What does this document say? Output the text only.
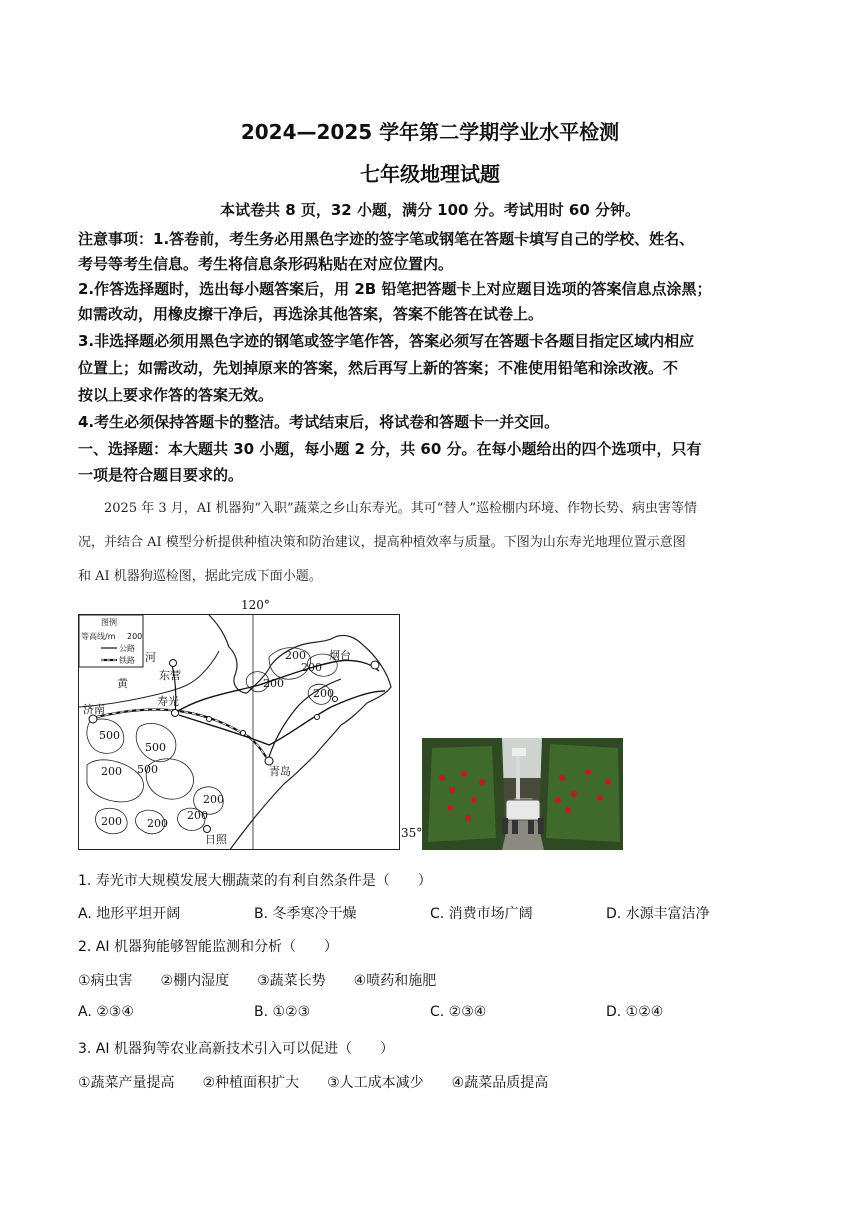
2024—2025 学年第二学期学业水平检测
七年级地理试题
本试卷共 8 页，32 小题，满分 100 分。考试用时 60 分钟。
注意事项：1.答卷前，考生务必用黑色字迹的签字笔或钢笔在答题卡填写自己的学校、姓名、
考号等考生信息。考生将信息条形码粘贴在对应位置内。
2.作答选择题时，选出每小题答案后，用 2B 铅笔把答题卡上对应题目选项的答案信息点涂黑；
如需改动，用橡皮擦干净后，再选涂其他答案，答案不能答在试卷上。
3.非选择题必须用黑色字迹的钢笔或签字笔作答，答案必须写在答题卡各题目指定区域内相应
位置上；如需改动，先划掉原来的答案，然后再写上新的答案；不准使用铅笔和涂改液。不
按以上要求作答的答案无效。
4.考生必须保持答题卡的整洁。考试结束后，将试卷和答题卡一并交回。
一、选择题：本大题共 30 小题，每小题 2 分，共 60 分。在每小题给出的四个选项中，只有
一项是符合题目要求的。
2025 年 3 月，AI 机器狗“入职”蔬菜之乡山东寿光。其可“替人”巡检棚内环境、作物长势、病虫害等情
况，并结合 AI 模型分析提供种植决策和防治建议，提高种植效率与质量。下图为山东寿光地理位置示意图
和 AI 机器狗巡检图，据此完成下面小题。
120°
35°
图例
等高线/m 200
公路
铁路 河
黄
东营
寿光
济南
烟台
青岛
日照
200
200
200
200
500
500
200 500
200
200
200 200
1. 寿光市大规模发展大棚蔬菜的有利自然条件是（　　）
A. 地形平坦开阔	B. 冬季寒冷干燥	C. 消费市场广阔	D. 水源丰富洁净
2. AI 机器狗能够智能监测和分析（　　）
①病虫害　　②棚内湿度　　③蔬菜长势　　④喷药和施肥
A. ②③④	B. ①②③	C. ②③④	D. ①②④
3. AI 机器狗等农业高新技术引入可以促进（　　）
①蔬菜产量提高　　②种植面积扩大　　③人工成本减少　　④蔬菜品质提高
